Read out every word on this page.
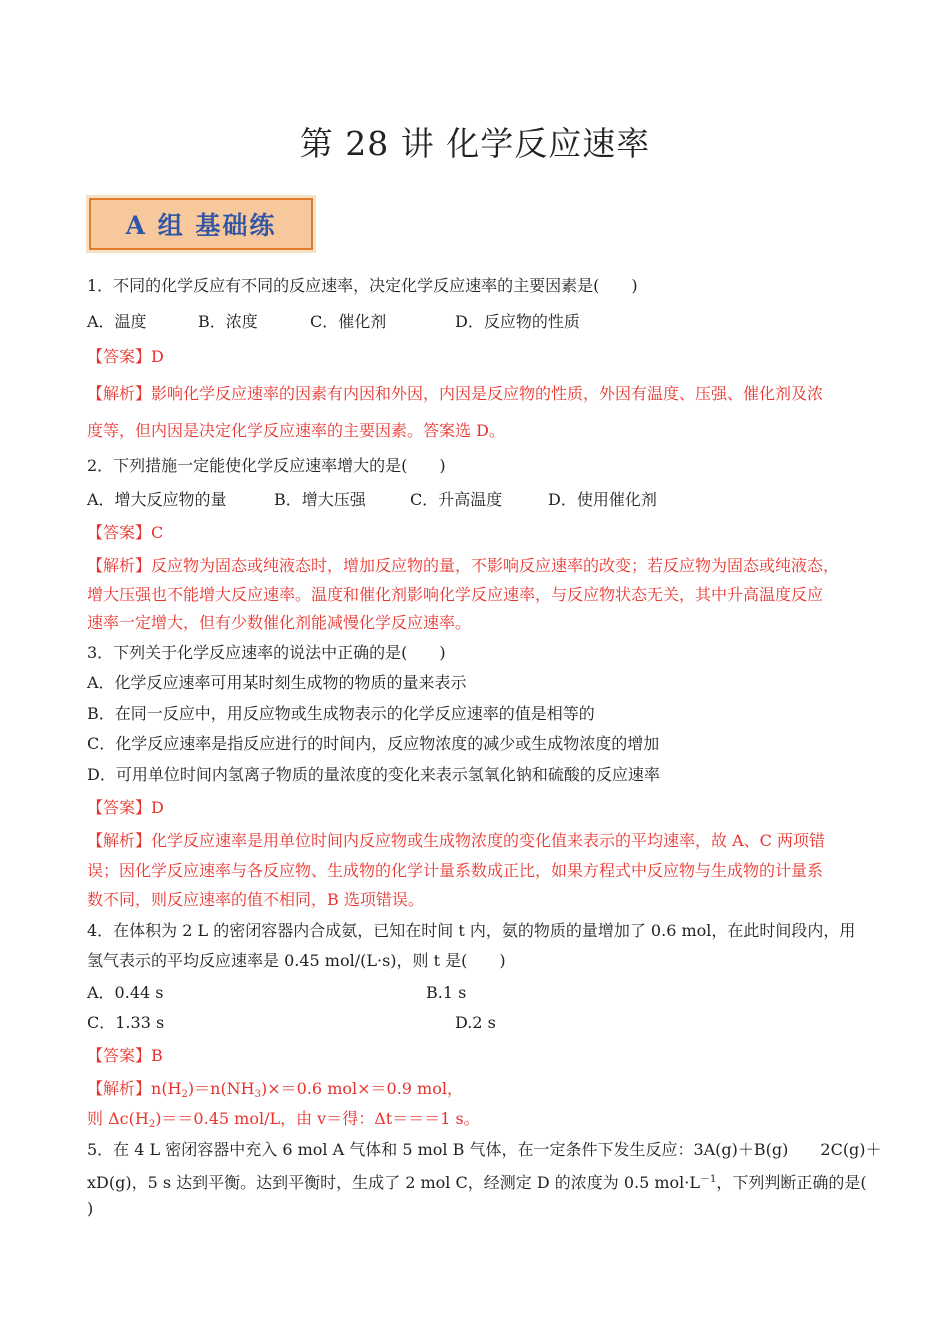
第 28 讲 化学反应速率
A 组 基础练
1．不同的化学反应有不同的反应速率，决定化学反应速率的主要因素是(　　)
A．温度	B．浓度	C．催化剂	D．反应物的性质
【答案】D
【解析】影响化学反应速率的因素有内因和外因，内因是反应物的性质，外因有温度、压强、催化剂及浓
度等，但内因是决定化学反应速率的主要因素。答案选 D。
2．下列措施一定能使化学反应速率增大的是(　　)
A．增大反应物的量	B．增大压强	C．升高温度	D．使用催化剂
【答案】C
【解析】反应物为固态或纯液态时，增加反应物的量，不影响反应速率的改变；若反应物为固态或纯液态，
增大压强也不能增大反应速率。温度和催化剂影响化学反应速率，与反应物状态无关，其中升高温度反应
速率一定增大，但有少数催化剂能减慢化学反应速率。
3．下列关于化学反应速率的说法中正确的是(　　)
A．化学反应速率可用某时刻生成物的物质的量来表示
B．在同一反应中，用反应物或生成物表示的化学反应速率的值是相等的
C．化学反应速率是指反应进行的时间内，反应物浓度的减少或生成物浓度的增加
D．可用单位时间内氢离子物质的量浓度的变化来表示氢氧化钠和硫酸的反应速率
【答案】D
【解析】化学反应速率是用单位时间内反应物或生成物浓度的变化值来表示的平均速率，故 A、C 两项错
误；因化学反应速率与各反应物、生成物的化学计量系数成正比，如果方程式中反应物与生成物的计量系
数不同，则反应速率的值不相同，B 选项错误。
4．在体积为 2 L 的密闭容器内合成氨，已知在时间 t 内，氨的物质的量增加了 0.6 mol，在此时间段内，用
氢气表示的平均反应速率是 0.45 mol/(L·s)，则 t 是(　　)
A．0.44 s	B.1 s
C．1.33 s	D.2 s
【答案】B
【解析】$n(H_2)=n(NH_3)\times=0.6$ mol×＝0.9 mol，
则 $\Delta c(H_2)==0.45$ mol/L，由 v＝得：Δt＝＝＝1 s。
5．在 4 L 密闭容器中充入 6 mol A 气体和 5 mol B 气体，在一定条件下发生反应：3A(g)＋B(g)　　2C(g)＋
xD(g)，5 s 达到平衡。达到平衡时，生成了 2 mol C，经测定 D 的浓度为 0.5 $mol\cdot L^{-1}$，下列判断正确的是(
)
